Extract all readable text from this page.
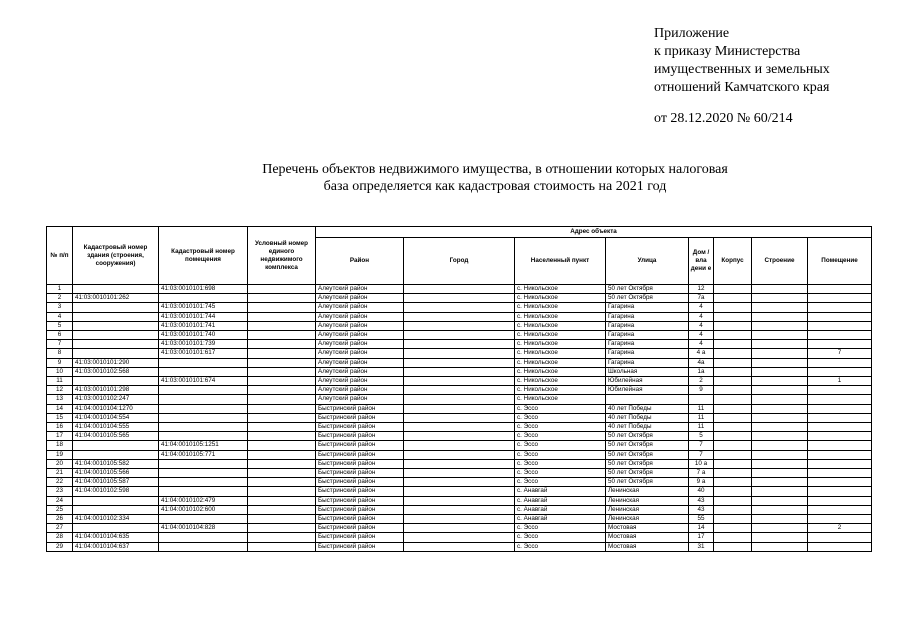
Приложение
к приказу Министерства
имущественных и земельных
отношений Камчатского края
от 28.12.2020 № 60/214
Перечень объектов недвижимого имущества, в отношении которых налоговая
база определяется как кадастровая стоимость на 2021 год
№ п/п	Кадастровый номер здания (строения, сооружения)	Кадастровый номер помещения	Условный номер единого недвижимого комплекса	Адрес объекта							
				Район	Город	Населенный пункт	Улица	Дом /вла дени е	Корпус	Строение	Помещение
1		41:03:0010101:698		Алеутский район		с. Никольское	50 лет Октября	12			
2	41:03:0010101:262			Алеутский район		с. Никольское	50 лет Октября	7а			
3		41:03:0010101:745		Алеутский район		с. Никольское	Гагарина	4			
4		41:03:0010101:744		Алеутский район		с. Никольское	Гагарина	4			
5		41:03:0010101:741		Алеутский район		с. Никольское	Гагарина	4			
6		41:03:0010101:740		Алеутский район		с. Никольское	Гагарина	4			
7		41:03:0010101:739		Алеутский район		с. Никольское	Гагарина	4			
8		41:03:0010101:617		Алеутский район		с. Никольское	Гагарина	4 а			7
9	41:03:0010101:290			Алеутский район		с. Никольское	Гагарина	4а			
10	41:03:0010102:568			Алеутский район		с. Никольское	Школьная	1а			
11		41:03:0010101:674		Алеутский район		с. Никольское	Юбилейная	2			1
12	41:03:0010101:298			Алеутский район		с. Никольское	Юбилейная	9			
13	41:03:0010102:247			Алеутский район		с. Никольское					
14	41:04:0010104:1270			Быстринский район		с. Эссо	40 лет Победы	11			
15	41:04:0010104:554			Быстринский район		с. Эссо	40 лет Победы	11			
16	41:04:0010104:555			Быстринский район		с. Эссо	40 лет Победы	11			
17	41:04:0010105:565			Быстринский район		с. Эссо	50 лет Октября	5			
18		41:04:0010105:1251		Быстринский район		с. Эссо	50 лет Октября	7			
19		41:04:0010105:771		Быстринский район		с. Эссо	50 лет Октября	7			
20	41:04:0010105:582			Быстринский район		с. Эссо	50 лет Октября	10 а			
21	41:04:0010105:566			Быстринский район		с. Эссо	50 лет Октября	7 а			
22	41:04:0010105:587			Быстринский район		с. Эссо	50 лет Октября	9 а			
23	41:04:0010102:598			Быстринский район		с. Анавгай	Ленинская	40			
24		41:04:0010102:479		Быстринский район		с. Анавгай	Ленинская	43			
25		41:04:0010102:600		Быстринский район		с. Анавгай	Ленинская	43			
26	41:04:0010102:334			Быстринский район		с. Анавгай	Ленинская	55			
27		41:04:0010104:828		Быстринский район		с. Эссо	Мостовая	14			2
28	41:04:0010104:635			Быстринский район		с. Эссо	Мостовая	17			
29	41:04:0010104:637			Быстринский район		с. Эссо	Мостовая	31			
